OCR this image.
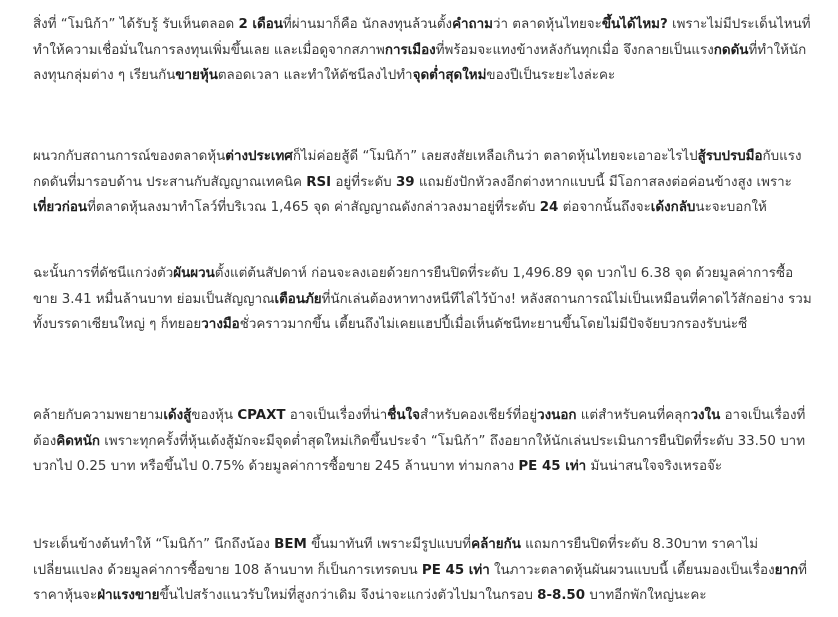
สิ่งที่ “โมนิก้า” ได้รับรู้ รับเห็นตลอด 2 เดือนที่ผ่านมาก็คือ นักลงทุนล้วนตั้งคำถามว่า ตลาดหุ้นไทยจะขึ้นได้ไหม? เพราะไม่มีประเด็นไหนที่ทำให้ความเชื่อมั่นในการลงทุนเพิ่มขึ้นเลย และเมื่อดูจากสภาพการเมืองที่พร้อมจะแทงข้างหลังกันทุกเมื่อ จึงกลายเป็นแรงกดดันที่ทำให้นักลงทุนกลุ่มต่าง ๆ เรียนกันขายหุ้นตลอดเวลา และทำให้ดัชนีลงไปทำจุดต่ำสุดใหม่ของปีเป็นระยะไงล่ะคะ

ผนวกกับสถานการณ์ของตลาดหุ้นต่างประเทศก็ไม่ค่อยสู้ดี “โมนิก้า” เลยสงสัยเหลือเกินว่า ตลาดหุ้นไทยจะเอาอะไรไปสู้รบปรบมือกับแรงกดดันที่มารอบด้าน ประสานกับสัญญาณเทคนิค RSI อยู่ที่ระดับ 39 แถมยังปักหัวลงอีกต่างหากแบบนี้ มีโอกาสลงต่อค่อนข้างสูง เพราะเที่ยวก่อนที่ตลาดหุ้นลงมาทำโลว์ที่บริเวณ 1,465 จุด ค่าสัญญาณดังกล่าวลงมาอยู่ที่ระดับ 24 ต่อจากนั้นถึงจะเด้งกลับนะจะบอกให้

ฉะนั้นการที่ดัชนีแกว่งตัวผันผวนตั้งแต่ต้นสัปดาห์ ก่อนจะลงเอยด้วยการยืนปิดที่ระดับ 1,496.89 จุด บวกไป 6.38 จุด ด้วยมูลค่าการซื้อขาย 3.41 หมื่นล้านบาท ย่อมเป็นสัญญาณเตือนภัยที่นักเล่นต้องหาทางหนีทีไล่ไว้บ้าง! หลังสถานการณ์ไม่เป็นเหมือนที่คาดไว้สักอย่าง รวมทั้งบรรดาเซียนใหญ่ ๆ ก็ทยอยวางมือชั่วคราวมากขึ้น เตี้ยนถึงไม่เคยแฮปปี้เมื่อเห็นดัชนีทะยานขึ้นโดยไม่มีปัจจัยบวกรองรับน่ะซี

คล้ายกับความพยายามเด้งสู้ของหุ้น CPAXT อาจเป็นเรื่องที่น่าชื่นใจสำหรับคองเชียร์ที่อยู่วงนอก แต่สำหรับคนที่คลุกวงใน อาจเป็นเรื่องที่ต้องคิดหนัก เพราะทุกครั้งที่หุ้นเด้งสู้มักจะมีจุดต่ำสุดใหม่เกิดขึ้นประจำ “โมนิก้า” ถึงอยากให้นักเล่นประเมินการยืนปิดที่ระดับ 33.50 บาท บวกไป 0.25 บาท หรือขึ้นไป 0.75% ด้วยมูลค่าการซื้อขาย 245 ล้านบาท ท่ามกลาง PE 45 เท่า มันน่าสนใจจริงเหรอจ๊ะ

ประเด็นข้างต้นทำให้ “โมนิก้า” นึกถึงน้อง BEM ขึ้นมาทันที เพราะมีรูปแบบที่คล้ายกัน แถมการยืนปิดที่ระดับ 8.30บาท ราคาไม่เปลี่ยนแปลง ด้วยมูลค่าการซื้อขาย 108 ล้านบาท ก็เป็นการเทรดบน PE 45 เท่า ในภาวะตลาดหุ้นผันผวนแบบนี้ เตี้ยนมองเป็นเรื่องยากที่ราคาหุ้นจะฝ่าแรงขายขึ้นไปสร้างแนวรับใหม่ที่สูงกว่าเดิม จึงน่าจะแกว่งตัวไปมาในกรอบ 8-8.50 บาทอีกพักใหญ่นะคะ
